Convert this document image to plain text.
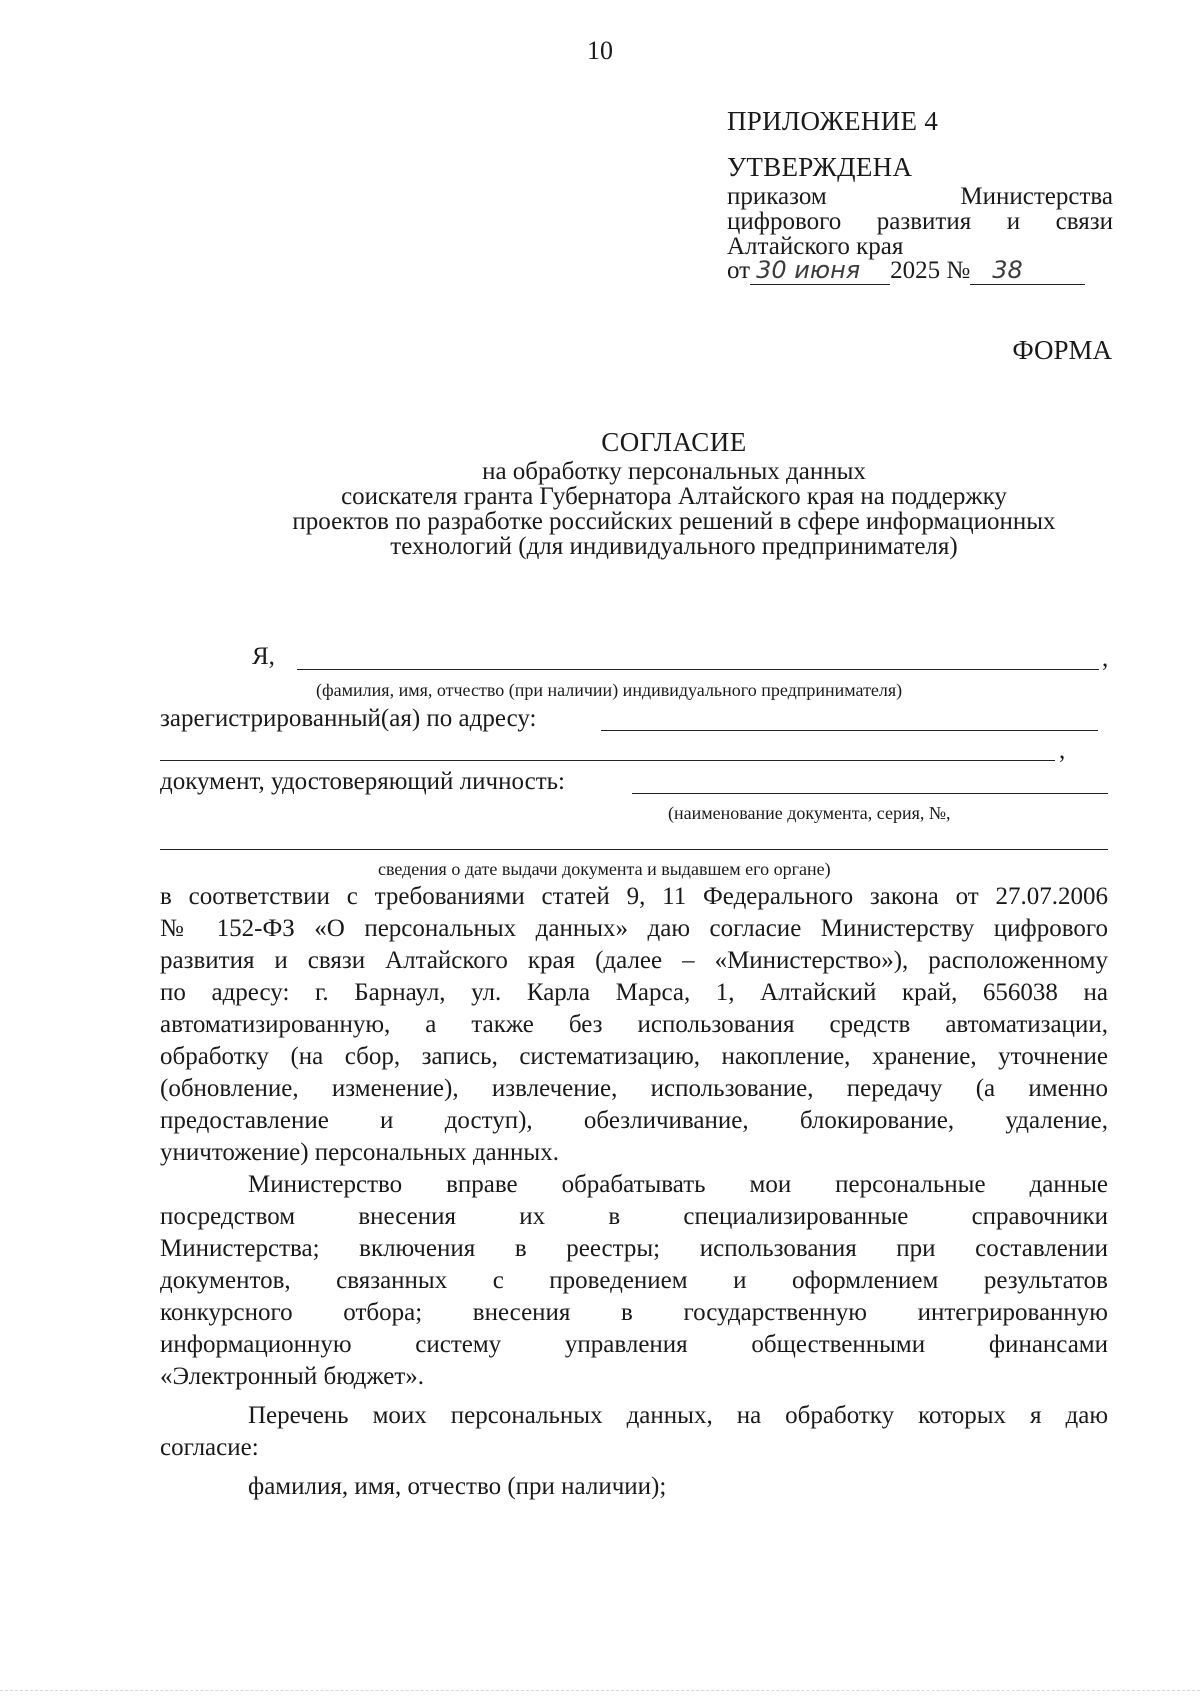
10
ПРИЛОЖЕНИЕ 4
УТВЕРЖДЕНА
приказом Министерства
цифрового развития и связи
Алтайского края
от 30 июня 2025 № 38
ФОРМА
СОГЛАСИЕ
на обработку персональных данных
соискателя гранта Губернатора Алтайского края на поддержку
проектов по разработке российских решений в сфере информационных
технологий (для индивидуального предпринимателя)
Я,	,
(фамилия, имя, отчество (при наличии) индивидуального предпринимателя)
зарегистрированный(ая) по адресу:
,
документ, удостоверяющий личность:
(наименование документа, серия, №,
сведения о дате выдачи документа и выдавшем его органе)
в соответствии с требованиями статей 9, 11 Федерального закона от 27.07.2006
№ 152-ФЗ «О персональных данных» даю согласие Министерству цифрового
развития и связи Алтайского края (далее – «Министерство»), расположенному
по адресу: г. Барнаул, ул. Карла Марса, 1, Алтайский край, 656038 на
автоматизированную, а также без использования средств автоматизации,
обработку (на сбор, запись, систематизацию, накопление, хранение, уточнение
(обновление, изменение), извлечение, использование, передачу (а именно
предоставление и доступ), обезличивание, блокирование, удаление,
уничтожение) персональных данных.
Министерство вправе обрабатывать мои персональные данные
посредством внесения их в специализированные справочники
Министерства; включения в реестры; использования при составлении
документов, связанных с проведением и оформлением результатов
конкурсного отбора; внесения в государственную интегрированную
информационную систему управления общественными финансами
«Электронный бюджет».
Перечень моих персональных данных, на обработку которых я даю
согласие:
фамилия, имя, отчество (при наличии);
